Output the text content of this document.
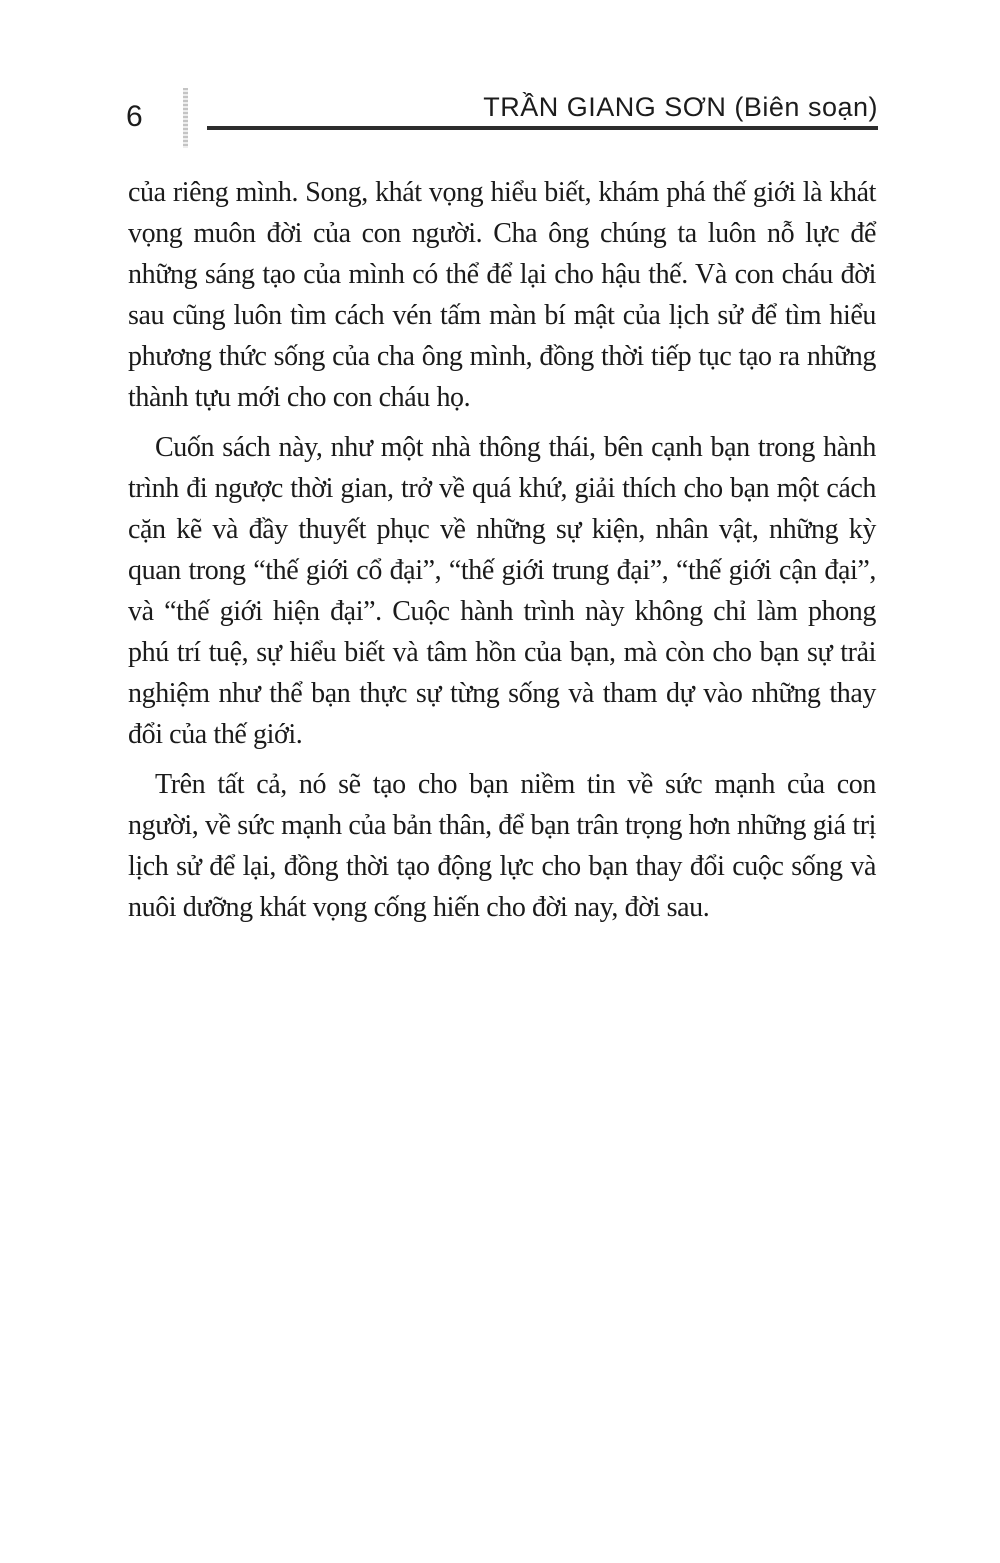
6	TRẦN GIANG SƠN (Biên soạn)

của riêng mình. Song, khát vọng hiểu biết, khám phá thế giới là khát vọng muôn đời của con người. Cha ông chúng ta luôn nỗ lực để những sáng tạo của mình có thể để lại cho hậu thế. Và con cháu đời sau cũng luôn tìm cách vén tấm màn bí mật của lịch sử để tìm hiểu phương thức sống của cha ông mình, đồng thời tiếp tục tạo ra những thành tựu mới cho con cháu họ.

Cuốn sách này, như một nhà thông thái, bên cạnh bạn trong hành trình đi ngược thời gian, trở về quá khứ, giải thích cho bạn một cách cặn kẽ và đầy thuyết phục về những sự kiện, nhân vật, những kỳ quan trong “thế giới cổ đại”, “thế giới trung đại”, “thế giới cận đại”, và “thế giới hiện đại”. Cuộc hành trình này không chỉ làm phong phú trí tuệ, sự hiểu biết và tâm hồn của bạn, mà còn cho bạn sự trải nghiệm như thể bạn thực sự từng sống và tham dự vào những thay đổi của thế giới.

Trên tất cả, nó sẽ tạo cho bạn niềm tin về sức mạnh của con người, về sức mạnh của bản thân, để bạn trân trọng hơn những giá trị lịch sử để lại, đồng thời tạo động lực cho bạn thay đổi cuộc sống và nuôi dưỡng khát vọng cống hiến cho đời nay, đời sau.
